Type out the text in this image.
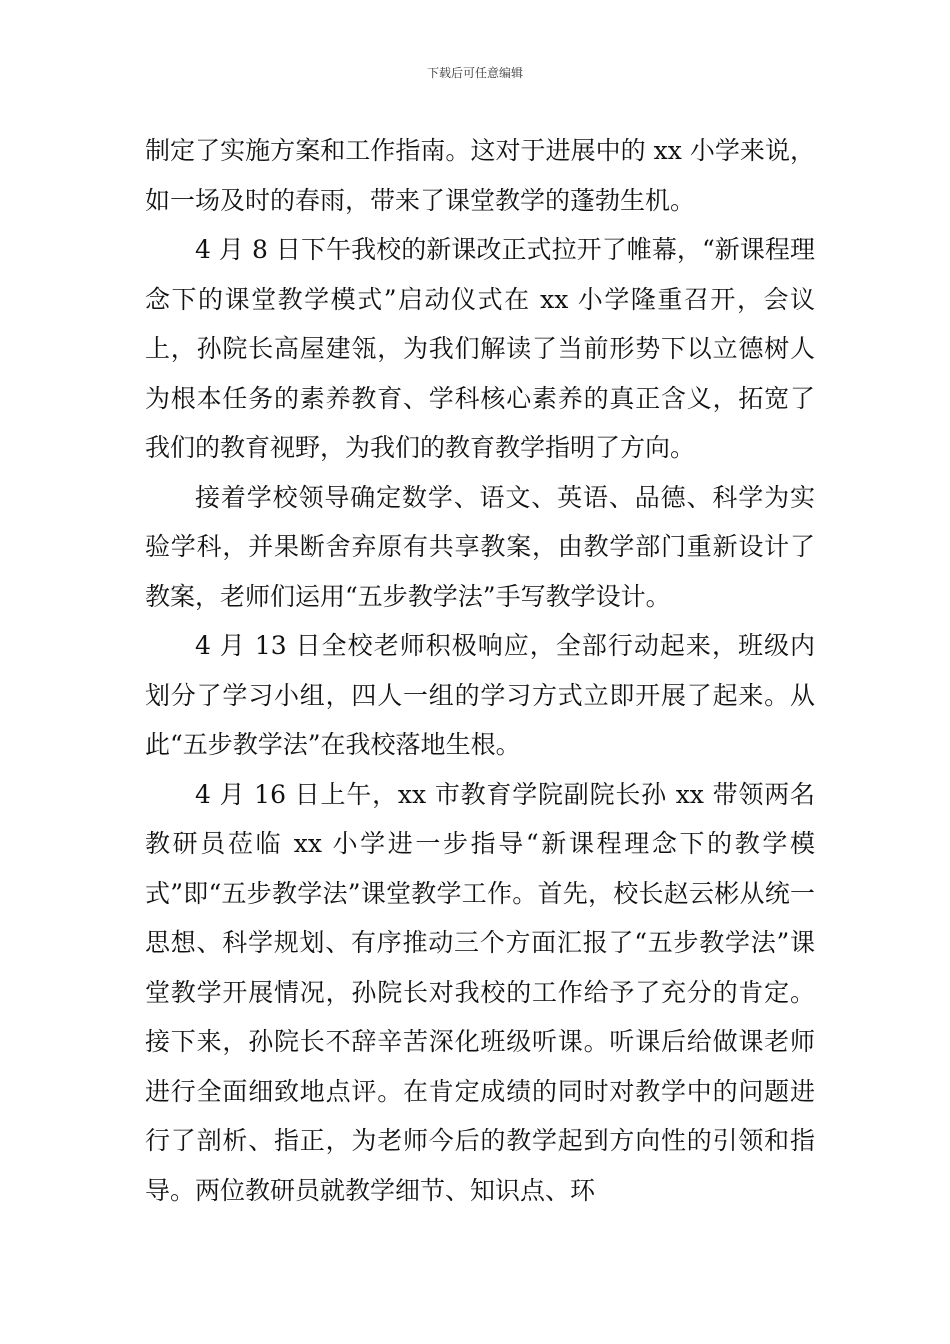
下载后可任意编辑

制定了实施方案和工作指南。这对于进展中的 xx 小学来说，如一场及时的春雨，带来了课堂教学的蓬勃生机。

4 月 8 日下午我校的新课改正式拉开了帷幕，“新课程理念下的课堂教学模式”启动仪式在 xx 小学隆重召开，会议上，孙院长高屋建瓴，为我们解读了当前形势下以立德树人为根本任务的素养教育、学科核心素养的真正含义，拓宽了我们的教育视野，为我们的教育教学指明了方向。

接着学校领导确定数学、语文、英语、品德、科学为实验学科，并果断舍弃原有共享教案，由教学部门重新设计了教案，老师们运用“五步教学法”手写教学设计。

4 月 13 日全校老师积极响应，全部行动起来，班级内划分了学习小组，四人一组的学习方式立即开展了起来。从此“五步教学法”在我校落地生根。

4 月 16 日上午，xx 市教育学院副院长孙 xx 带领两名教研员莅临 xx 小学进一步指导“新课程理念下的教学模式”即“五步教学法”课堂教学工作。首先，校长赵云彬从统一思想、科学规划、有序推动三个方面汇报了“五步教学法”课堂教学开展情况，孙院长对我校的工作给予了充分的肯定。接下来，孙院长不辞辛苦深化班级听课。听课后给做课老师进行全面细致地点评。在肯定成绩的同时对教学中的问题进行了剖析、指正，为老师今后的教学起到方向性的引领和指导。两位教研员就教学细节、知识点、环
